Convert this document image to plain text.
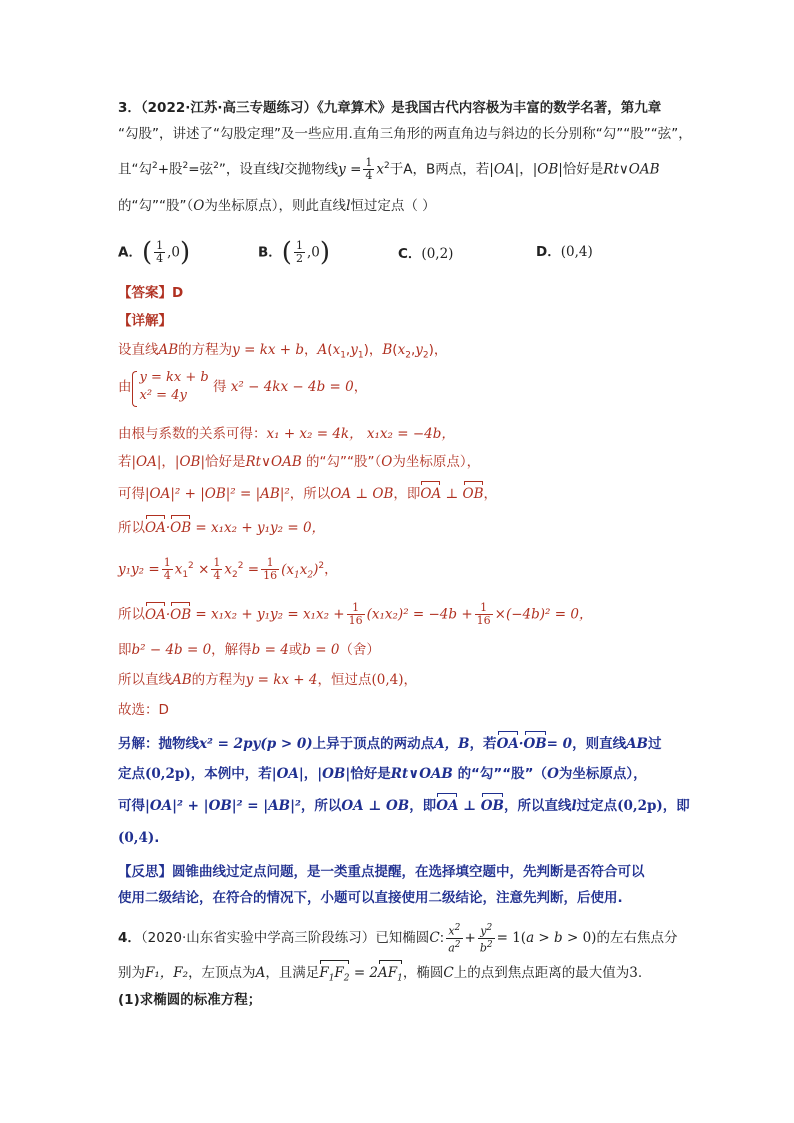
3．（2022·江苏·高三专题练习）《九章算术》是我国古代内容极为丰富的数学名著，第九章
“勾股”，讲述了“勾股定理”及一些应用.直角三角形的两直角边与斜边的长分别称“勾”“股”“弦”，
且“勾$^2$+股$^2$=弦$^2$”，设直线l交抛物线$y = \frac{1}{4} x^2$于A，B两点，若|OA|，|OB|恰好是Rt∨OAB
的“勾”“股”（O为坐标原点），则此直线l恒过定点（ ）
A．( $\frac{1}{4} ,0$)	B．( $\frac{1}{2} ,0$)	C．(0,2)	D．(0,4)
【答案】D
【详解】
设直线AB的方程为y = kx + b，$A(x_1,y_1)$，$B(x_2,y_2)$，
由
y = kx + b
x² = 4y
得 x² − 4kx − 4b = 0，
由根与系数的关系可得：x₁ + x₂ = 4k， x₁x₂ = −4b，
若|OA|，|OB|恰好是Rt∨OAB 的“勾”“股”（O为坐标原点），
可得|OA|² + |OB|² = |AB|²，所以OA ⊥ OB，即OA ⊥ OB，
所以OA·OB = x₁x₂ + y₁y₂ = 0，
$y_1y_2 = \frac{1}{4} x_1^2 \times \frac{1}{4} x_2^2 = \frac{1}{16} (x_1x_2)^2$，
所以$OA\cdot OB = x_1x_2 + y_1y_2 = x_1x_2 + \frac{1}{16} (x_1x_2)^2 = -4b + \frac{1}{16} \times(-4b)^2 = 0$，
即b² − 4b = 0，解得b = 4或b = 0（舍）
所以直线AB的方程为y = kx + 4，恒过点(0,4)，
故选：D
另解：抛物线x² = 2py(p > 0)上异于顶点的两动点A，B，若OA·OB= 0，则直线AB过
定点(0,2p)，本例中，若|OA|，|OB|恰好是Rt∨OAB 的“勾”“股”（O为坐标原点），
可得|OA|² + |OB|² = |AB|²，所以OA ⊥ OB，即OA ⊥ OB，所以直线l过定点(0,2p)，即
(0,4).
【反思】圆锥曲线过定点问题，是一类重点提醒，在选择填空题中，先判断是否符合可以
使用二级结论，在符合的情况下，小题可以直接使用二级结论，注意先判断，后使用.
4．（2020·山东省实验中学高三阶段练习）已知椭圆C: $\frac{x^2}{a^2} + \frac{y^2}{b^2} = 1(a > b > 0)$的左右焦点分
别为F₁，F₂，左顶点为A，且满足$F_1F_2 = 2AF_1$，椭圆C上的点到焦点距离的最大值为3.
(1)求椭圆的标准方程；
